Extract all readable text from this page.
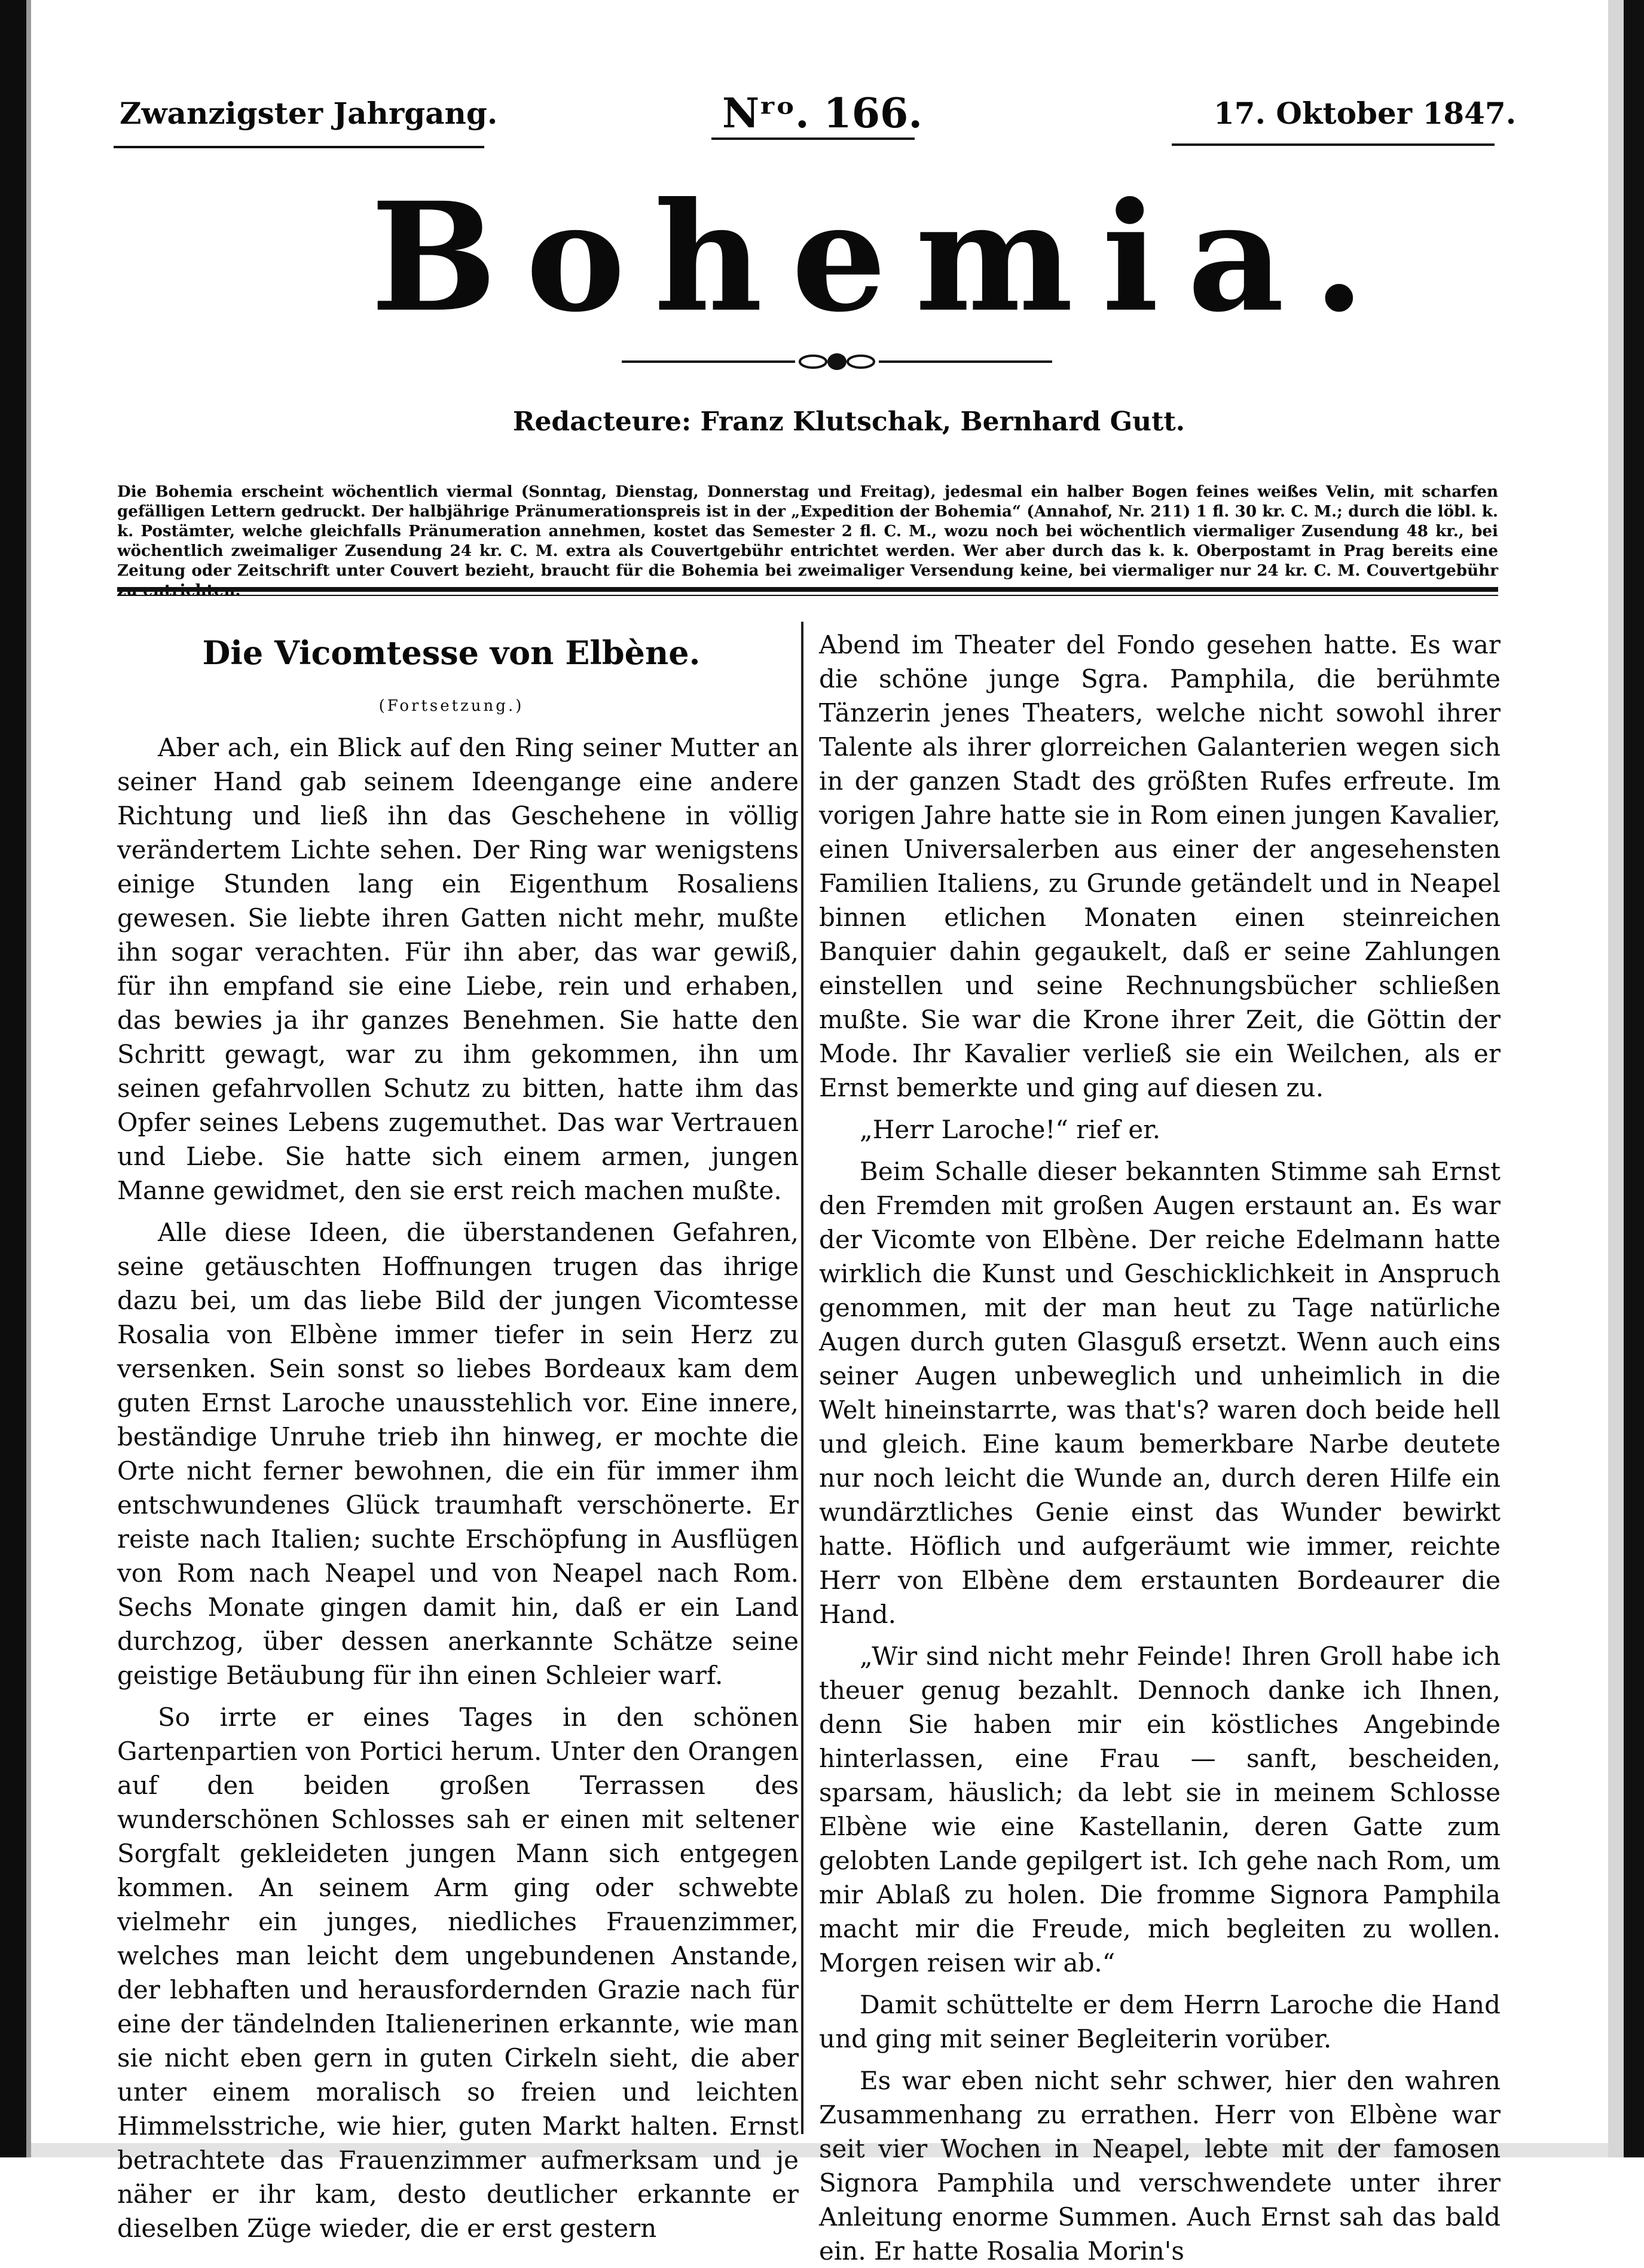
Zwanzigster Jahrgang.	Nʳᵒ. 166.	17. Oktober 1847.
Bohemia.
Redacteure: Franz Klutschak, Bernhard Gutt.
Die Bohemia erscheint wöchentlich viermal (Sonntag, Dienstag, Donnerstag und Freitag), jedesmal ein halber Bogen feines weißes Velin, mit scharfen gefälligen Lettern gedruckt. Der halbjährige Pränumerationspreis ist in der „Expedition der Bohemia“ (Annahof, Nr. 211) 1 fl. 30 kr. C. M.; durch die löbl. k. k. Postämter, welche gleichfalls Pränumeration annehmen, kostet das Semester 2 fl. C. M., wozu noch bei wöchentlich viermaliger Zusendung 48 kr., bei wöchentlich zweimaliger Zusendung 24 kr. C. M. extra als Couvertgebühr entrichtet werden. Wer aber durch das k. k. Oberpostamt in Prag bereits eine Zeitung oder Zeitschrift unter Couvert bezieht, braucht für die Bohemia bei zweimaliger Versendung keine, bei viermaliger nur 24 kr. C. M. Couvertgebühr
Die Vicomtesse von Elbène.
(Fortsetzung.)

Aber ach, ein Blick auf den Ring seiner Mutter an seiner Hand gab seinem Ideengange eine andere Richtung und ließ ihn das Geschehene in völlig verändertem Lichte sehen. Der Ring war wenigstens einige Stunden lang ein Eigenthum Rosaliens gewesen. Sie liebte ihren Gatten nicht mehr, mußte ihn sogar verachten. Für ihn aber, das war gewiß, für ihn empfand sie eine Liebe, rein und erhaben, das bewies ja ihr ganzes Benehmen. Sie hatte den Schritt gewagt, war zu ihm gekommen, ihn um seinen gefahrvollen Schutz zu bitten, hatte ihm das Opfer seines Lebens zugemuthet. Das war Vertrauen und Liebe. Sie hatte sich einem armen, jungen Manne gewidmet, den sie erst reich machen mußte.

Alle diese Ideen, die überstandenen Gefahren, seine getäuschten Hoffnungen trugen das ihrige dazu bei, um das liebe Bild der jungen Vicomtesse Rosalia von Elbène immer tiefer in sein Herz zu versenken. Sein sonst so liebes Bordeaux kam dem guten Ernst Laroche unausstehlich vor. Eine innere, beständige Unruhe trieb ihn hinweg, er mochte die Orte nicht ferner bewohnen, die ein für immer ihm entschwundenes Glück traumhaft verschönerte. Er reiste nach Italien; suchte Erschöpfung in Ausflügen von Rom nach Neapel und von Neapel nach Rom. Sechs Monate gingen damit hin, daß er ein Land durchzog, über dessen anerkannte Schätze seine geistige Betäubung für ihn einen Schleier warf.

So irrte er eines Tages in den schönen Gartenpartien von Portici herum. Unter den Orangen auf den beiden großen Terrassen des wunderschönen Schlosses sah er einen mit seltener Sorgfalt gekleideten jungen Mann sich entgegen kommen. An seinem Arm ging oder schwebte vielmehr ein junges, niedliches Frauenzimmer, welches man leicht dem ungebundenen Anstande, der lebhaften und herausfordernden Grazie nach für eine der tändelnden Italienerinen erkannte, wie man sie nicht eben gern in guten Cirkeln sieht, die aber unter einem moralisch so freien und leichten Himmelsstriche, wie hier, guten Markt halten. Ernst betrachtete das Frauenzimmer aufmerksam und je näher er ihr kam, desto deutlicher erkannte er dieselben Züge wieder, die er erst gestern

Abend im Theater del Fondo gesehen hatte. Es war die schöne junge Sgra. Pamphila, die berühmte Tänzerin jenes Theaters, welche nicht sowohl ihrer Talente als ihrer glorreichen Galanterien wegen sich in der ganzen Stadt des größten Rufes erfreute. Im vorigen Jahre hatte sie in Rom einen jungen Kavalier, einen Universalerben aus einer der angesehensten Familien Italiens, zu Grunde getändelt und in Neapel binnen etlichen Monaten einen steinreichen Banquier dahin gegaukelt, daß er seine Zahlungen einstellen und seine Rechnungsbücher schließen mußte. Sie war die Krone ihrer Zeit, die Göttin der Mode. Ihr Kavalier verließ sie ein Weilchen, als er Ernst bemerkte und ging auf diesen zu.

„Herr Laroche!“ rief er.

Beim Schalle dieser bekannten Stimme sah Ernst den Fremden mit großen Augen erstaunt an. Es war der Vicomte von Elbène. Der reiche Edelmann hatte wirklich die Kunst und Geschicklichkeit in Anspruch genommen, mit der man heut zu Tage natürliche Augen durch guten Glasguß ersetzt. Wenn auch eins seiner Augen unbeweglich und unheimlich in die Welt hineinstarrte, was that's? waren doch beide hell und gleich. Eine kaum bemerkbare Narbe deutete nur noch leicht die Wunde an, durch deren Hilfe ein wundärztliches Genie einst das Wunder bewirkt hatte. Höflich und aufgeräumt wie immer, reichte Herr von Elbène dem erstaunten Bordeaurer die Hand.

„Wir sind nicht mehr Feinde! Ihren Groll habe ich theuer genug bezahlt. Dennoch danke ich Ihnen, denn Sie haben mir ein köstliches Angebinde hinterlassen, eine Frau — sanft, bescheiden, sparsam, häuslich; da lebt sie in meinem Schlosse Elbène wie eine Kastellanin, deren Gatte zum gelobten Lande gepilgert ist. Ich gehe nach Rom, um mir Ablaß zu holen. Die fromme Signora Pamphila macht mir die Freude, mich begleiten zu wollen. Morgen reisen wir ab.“

Damit schüttelte er dem Herrn Laroche die Hand und ging mit seiner Begleiterin vorüber.

Es war eben nicht sehr schwer, hier den wahren Zusammenhang zu errathen. Herr von Elbène war seit vier Wochen in Neapel, lebte mit der famosen Signora Pamphila und verschwendete unter ihrer Anleitung enorme Summen. Auch Ernst sah das bald ein. Er hatte Rosalia Morin's
